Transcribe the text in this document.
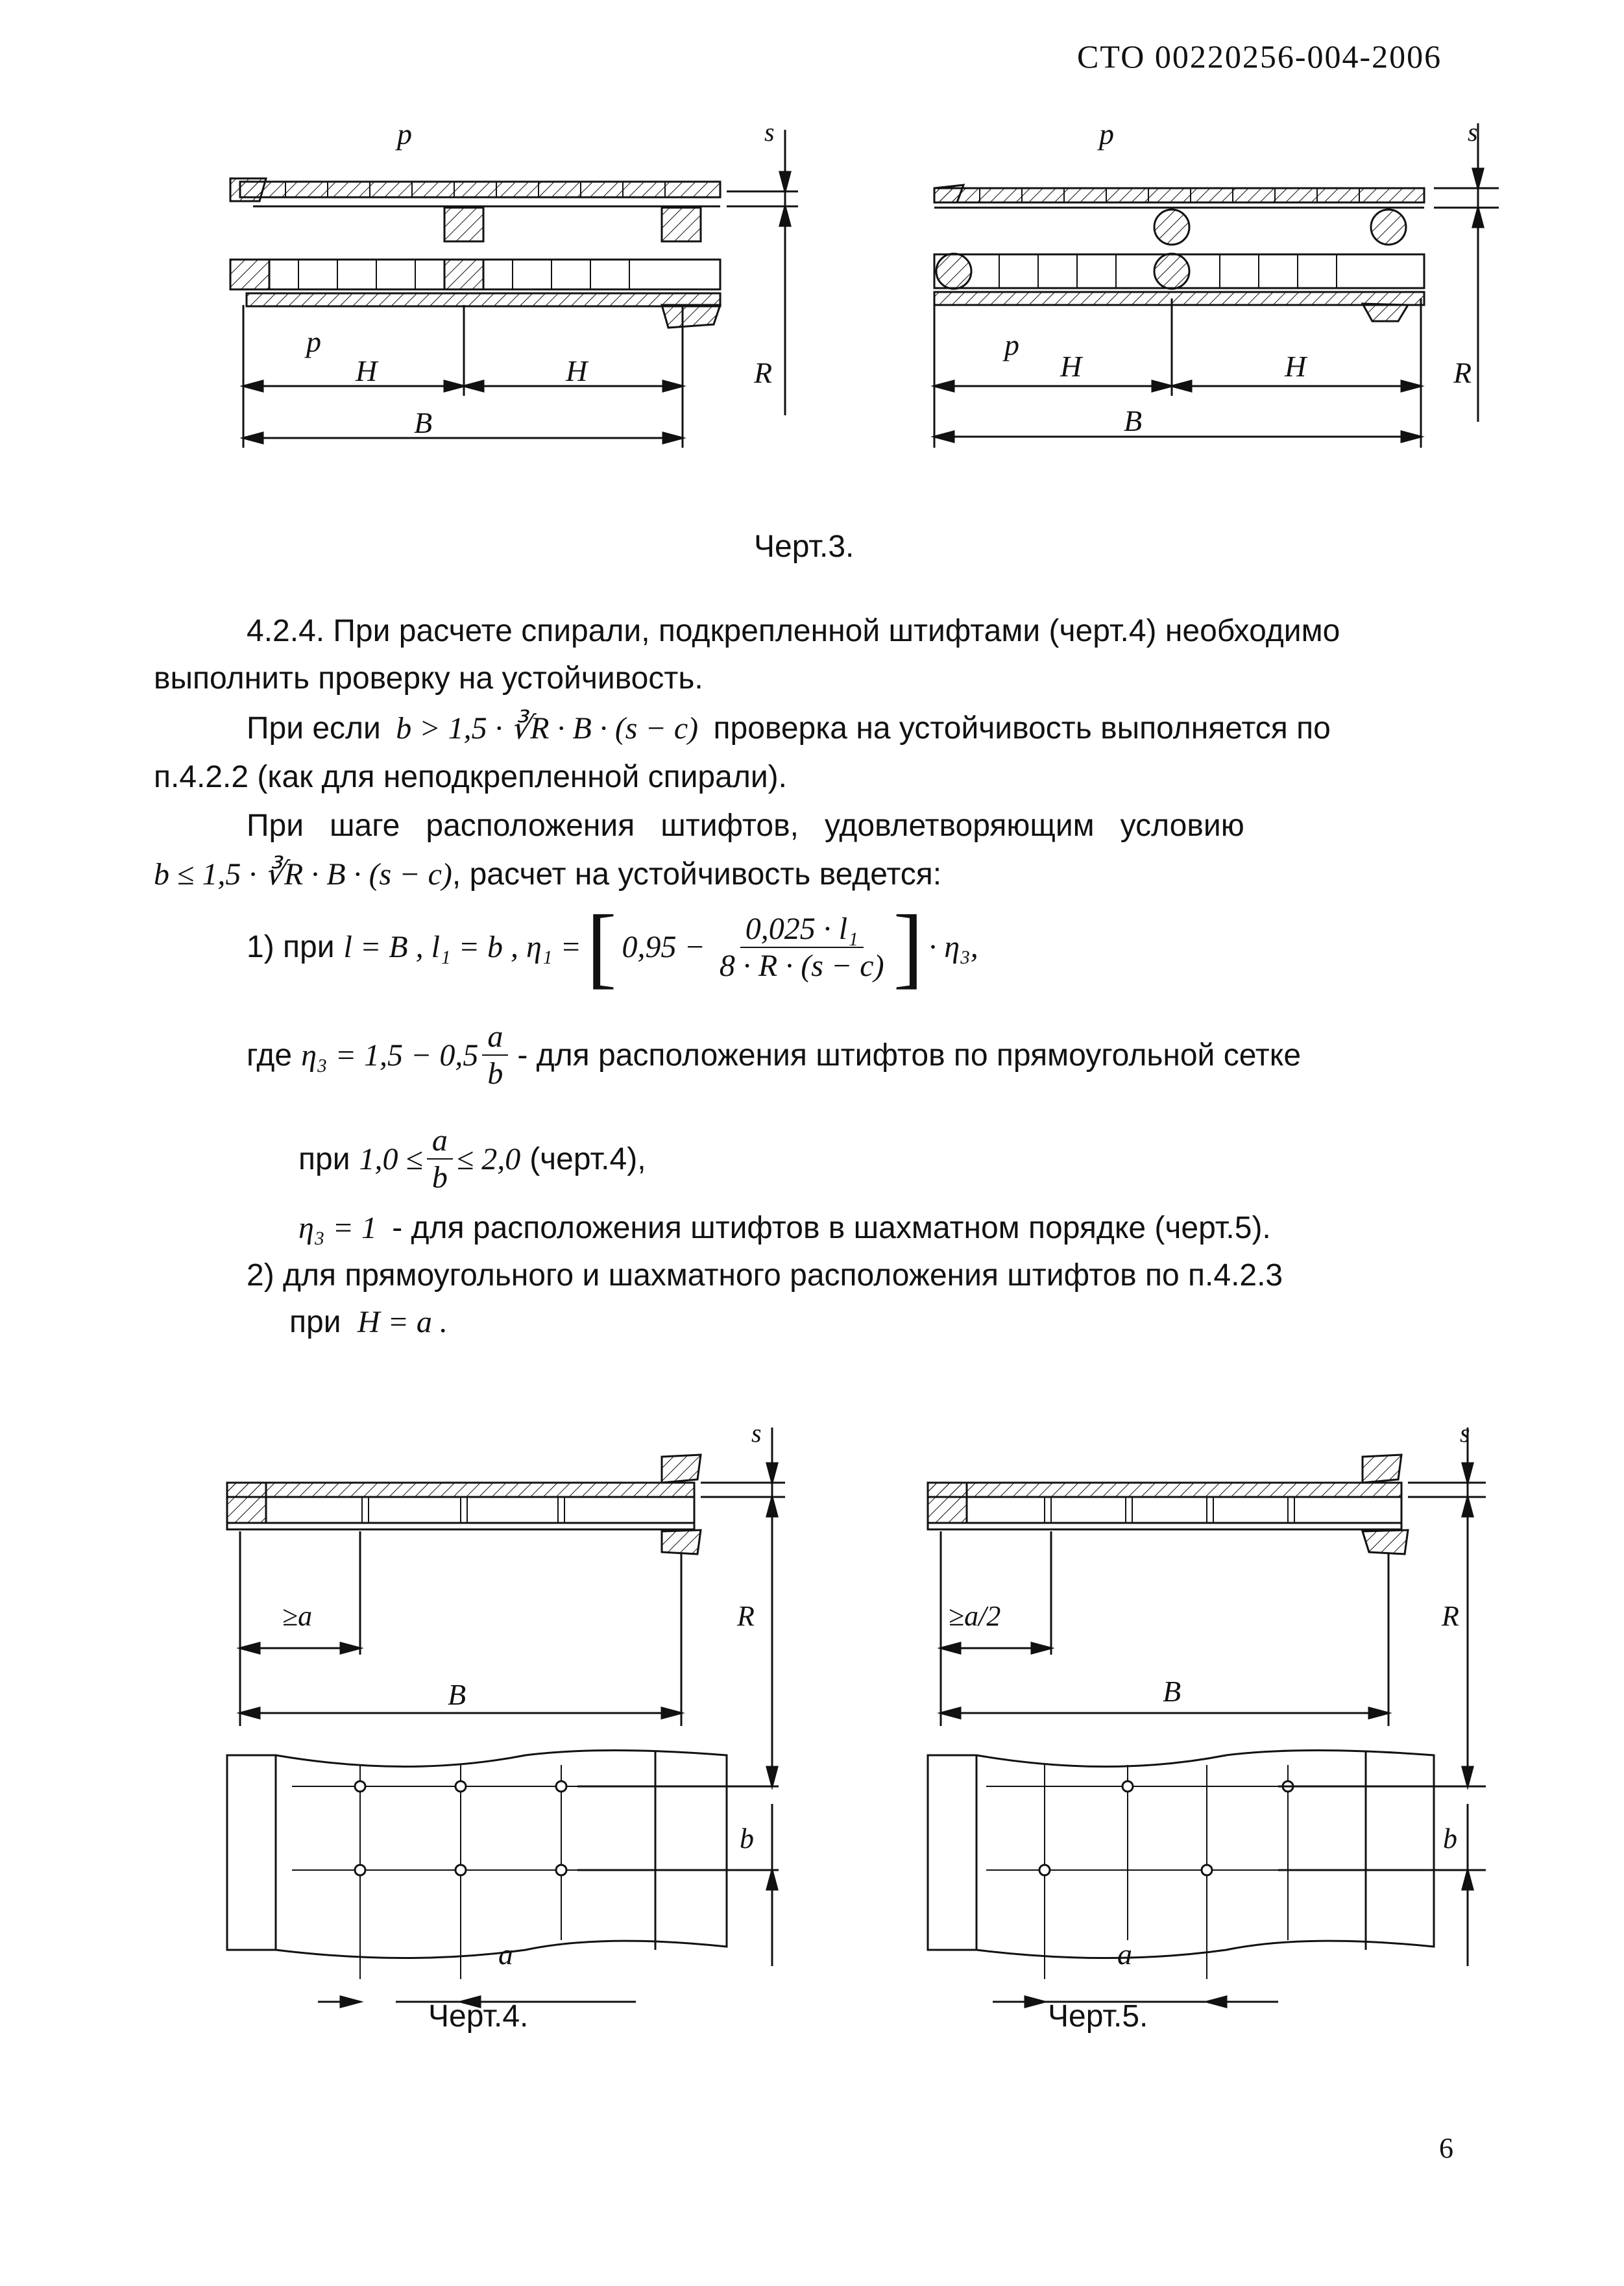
СТО 00220256-004-2006
p
p
H	H
B
R
s	p
p
H	H
B
R
s
Черт.3.
4.2.4. При расчете спирали, подкрепленной штифтами (черт.4) необходимо
выполнить проверку на устойчивость.
При если b > 1,5 · ∛R · B · (s − c) проверка на устойчивость выполняется по
п.4.2.2 (как для неподкрепленной спирали).
При   шаге   расположения   штифтов,   удовлетворяющим   условию
b ≤ 1,5 · ∛R · B · (s − c), расчет на устойчивость ведется:
1) при l = B , l₁ = b , η₁ = [ $0,95 - \frac{\text{0,025 · l₁}}{8 \cdot R \cdot (s - c)}$ ] · η₃,
где $\eta_3 = 1,5 - 0,5 \frac{a}{b}$ - для расположения штифтов по прямоугольной сетке
при $1,0 \le \frac{a}{b} \le 2,0$ (черт.4),
η₃ = 1 - для расположения штифтов в шахматном порядке (черт.5).
2) для прямоугольного и шахматного расположения штифтов по п.4.2.3
при H = a .
≥a
B
R
s
b
a
Черт.4.
≥a/2
B
R
s
b
a
Черт.5.
6
